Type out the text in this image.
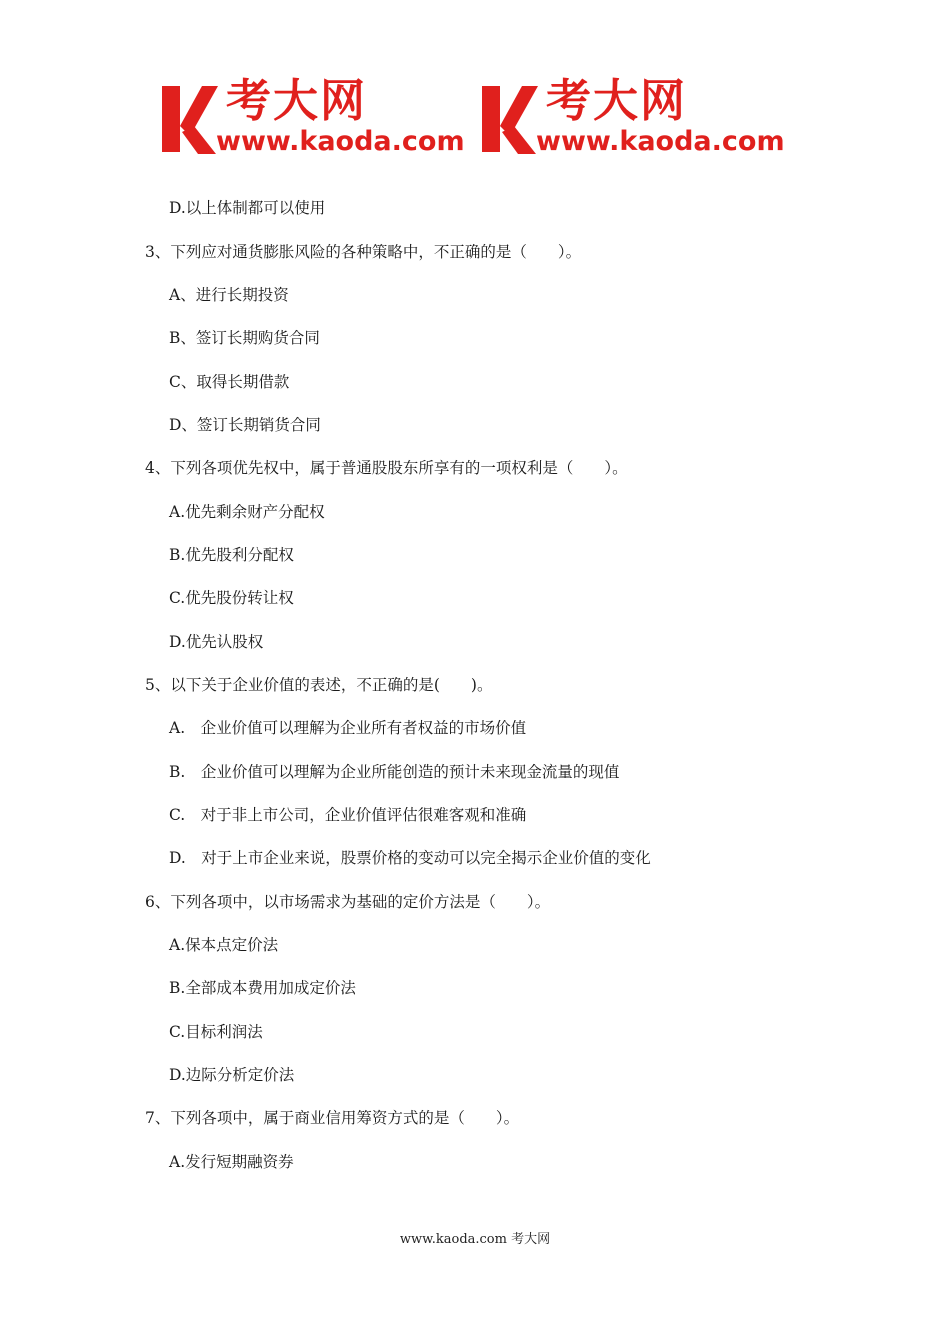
考大网
www.kaoda.com
考大网
www.kaoda.com
D.以上体制都可以使用
3、下列应对通货膨胀风险的各种策略中，不正确的是（　　）。
A、进行长期投资
B、签订长期购货合同
C、取得长期借款
D、签订长期销货合同
4、下列各项优先权中，属于普通股股东所享有的一项权利是（　　）。
A.优先剩余财产分配权
B.优先股利分配权
C.优先股份转让权
D.优先认股权
5、以下关于企业价值的表述，不正确的是(　　)。
A.　企业价值可以理解为企业所有者权益的市场价值
B.　企业价值可以理解为企业所能创造的预计未来现金流量的现值
C.　对于非上市公司，企业价值评估很难客观和准确
D.　对于上市企业来说，股票价格的变动可以完全揭示企业价值的变化
6、下列各项中，以市场需求为基础的定价方法是（　　）。
A.保本点定价法
B.全部成本费用加成定价法
C.目标利润法
D.边际分析定价法
7、下列各项中，属于商业信用筹资方式的是（　　）。
A.发行短期融资券
www.kaoda.com 考大网
